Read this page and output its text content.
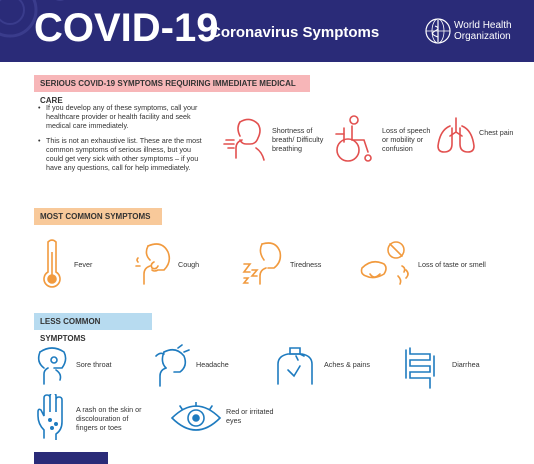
COVID-19
Coronavirus Symptoms	World Health
Organization
SERIOUS COVID-19 SYMPTOMS REQUIRING IMMEDIATE MEDICAL CARE
• If you develop any of these symptoms, call your healthcare provider or health facility and seek medical care immediately.
• This is not an exhaustive list. These are the most common symptoms of serious illness, but you could get very sick with other symptoms – if you have any questions, call for help immediately.
Shortness of breath/ Difficulty breathing
Loss of speech or mobility or confusion
Chest pain
MOST COMMON SYMPTOMS
Fever	Cough	Tiredness	Loss of taste or smell
LESS COMMON SYMPTOMS
Sore throat	Headache	Aches & pains	Diarrhea
A rash on the skin or discolouration of fingers or toes
Red or irritated eyes
